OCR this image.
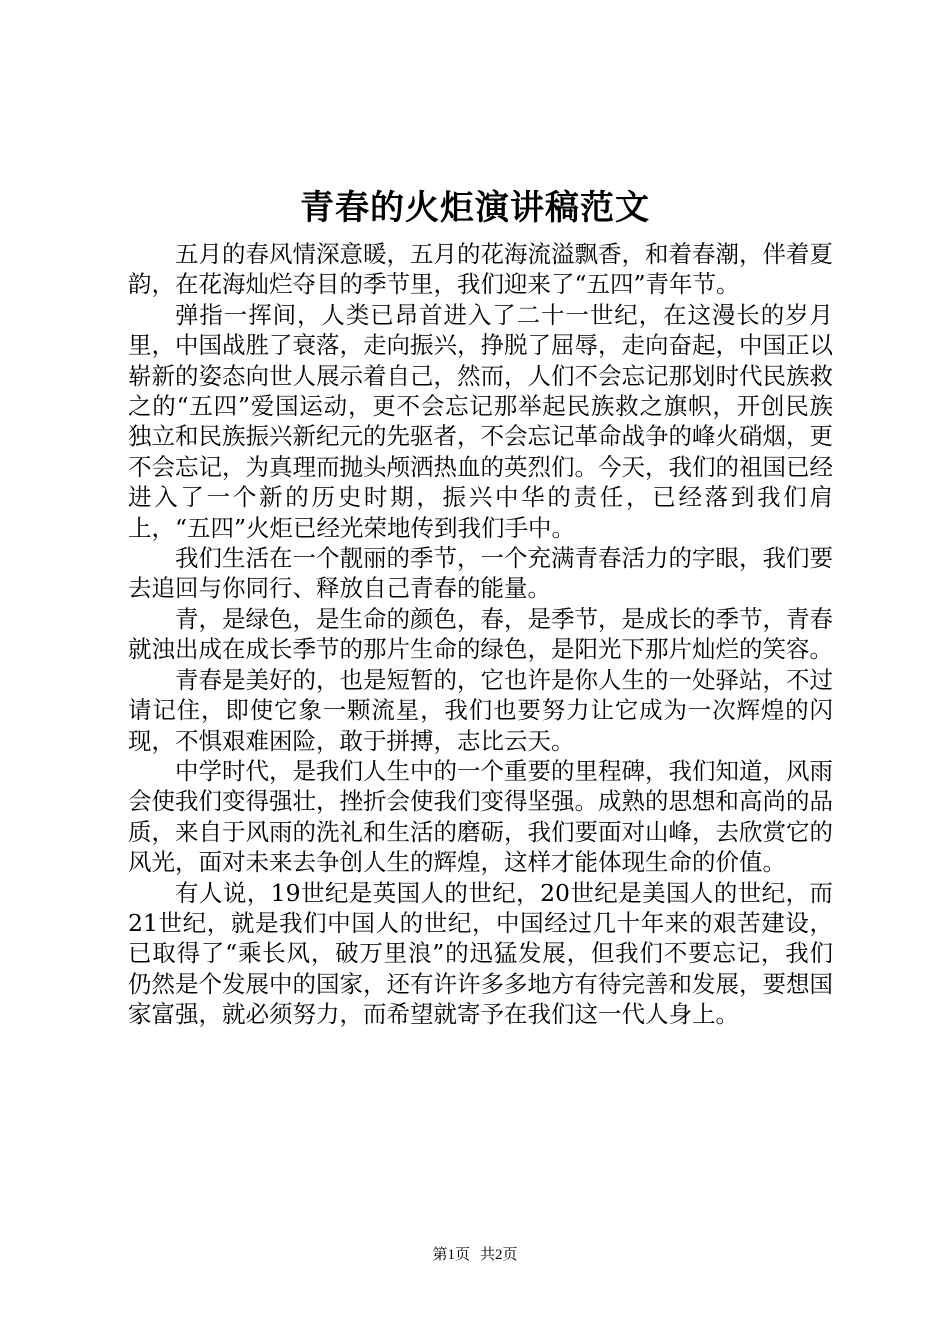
青春的火炬演讲稿范文

五月的春风情深意暖，五月的花海流溢飘香，和着春潮，伴着夏韵，在花海灿烂夺目的季节里，我们迎来了“五四”青年节。

弹指一挥间，人类已昂首进入了二十一世纪，在这漫长的岁月里，中国战胜了衰落，走向振兴，挣脱了屈辱，走向奋起，中国正以崭新的姿态向世人展示着自己，然而，人们不会忘记那划时代民族救之的“五四”爱国运动，更不会忘记那举起民族救之旗帜，开创民族独立和民族振兴新纪元的先驱者，不会忘记革命战争的峰火硝烟，更不会忘记，为真理而抛头颅洒热血的英烈们。今天，我们的祖国已经进入了一个新的历史时期，振兴中华的责任，已经落到我们肩上，“五四”火炬已经光荣地传到我们手中。

我们生活在一个靓丽的季节，一个充满青春活力的字眼，我们要去追回与你同行、释放自己青春的能量。

青，是绿色，是生命的颜色，春，是季节，是成长的季节，青春就浊出成在成长季节的那片生命的绿色，是阳光下那片灿烂的笑容。

青春是美好的，也是短暂的，它也许是你人生的一处驿站，不过请记住，即使它象一颗流星，我们也要努力让它成为一次辉煌的闪现，不惧艰难困险，敢于拼搏，志比云天。

中学时代，是我们人生中的一个重要的里程碑，我们知道，风雨会使我们变得强壮，挫折会使我们变得坚强。成熟的思想和高尚的品质，来自于风雨的洗礼和生活的磨砺，我们要面对山峰，去欣赏它的风光，面对未来去争创人生的辉煌，这样才能体现生命的价值。

有人说，19世纪是英国人的世纪，20世纪是美国人的世纪，而21世纪，就是我们中国人的世纪，中国经过几十年来的艰苦建设，已取得了“乘长风，破万里浪”的迅猛发展，但我们不要忘记，我们仍然是个发展中的国家，还有许许多多地方有待完善和发展，要想国家富强，就必须努力，而希望就寄予在我们这一代人身上。

第1页 共2页
